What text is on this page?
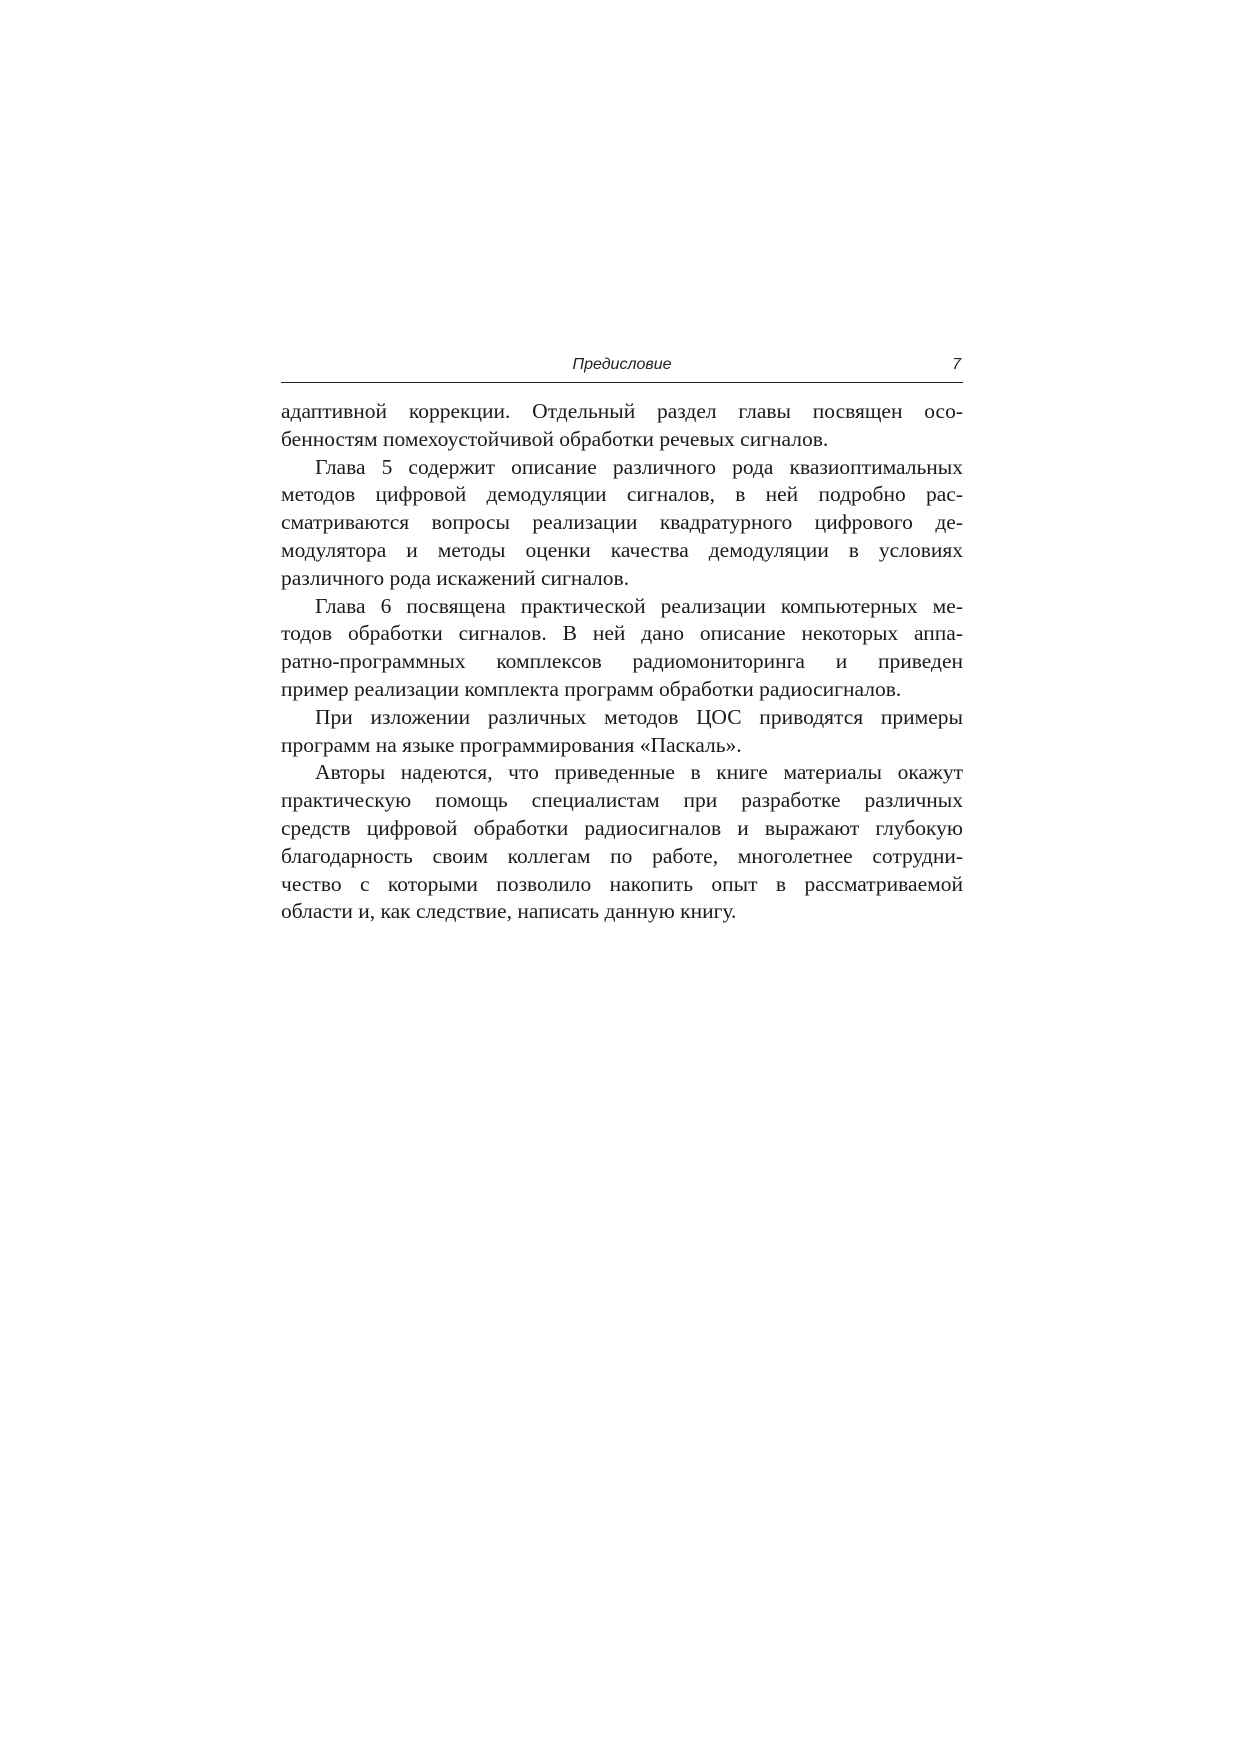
Предисловие	7
адаптивной коррекции. Отдельный раздел главы посвящен осо-
бенностям помехоустойчивой обработки речевых сигналов.
Глава 5 содержит описание различного рода квазиоптимальных
методов цифровой демодуляции сигналов, в ней подробно рас-
сматриваются вопросы реализации квадратурного цифрового де-
модулятора и методы оценки качества демодуляции в условиях
различного рода искажений сигналов.
Глава 6 посвящена практической реализации компьютерных ме-
тодов обработки сигналов. В ней дано описание некоторых аппа-
ратно-программных комплексов радиомониторинга и приведен
пример реализации комплекта программ обработки радиосигналов.
При изложении различных методов ЦОС приводятся примеры
программ на языке программирования «Паскаль».
Авторы надеются, что приведенные в книге материалы окажут
практическую помощь специалистам при разработке различных
средств цифровой обработки радиосигналов и выражают глубокую
благодарность своим коллегам по работе, многолетнее сотрудни-
чество с которыми позволило накопить опыт в рассматриваемой
области и, как следствие, написать данную книгу.
